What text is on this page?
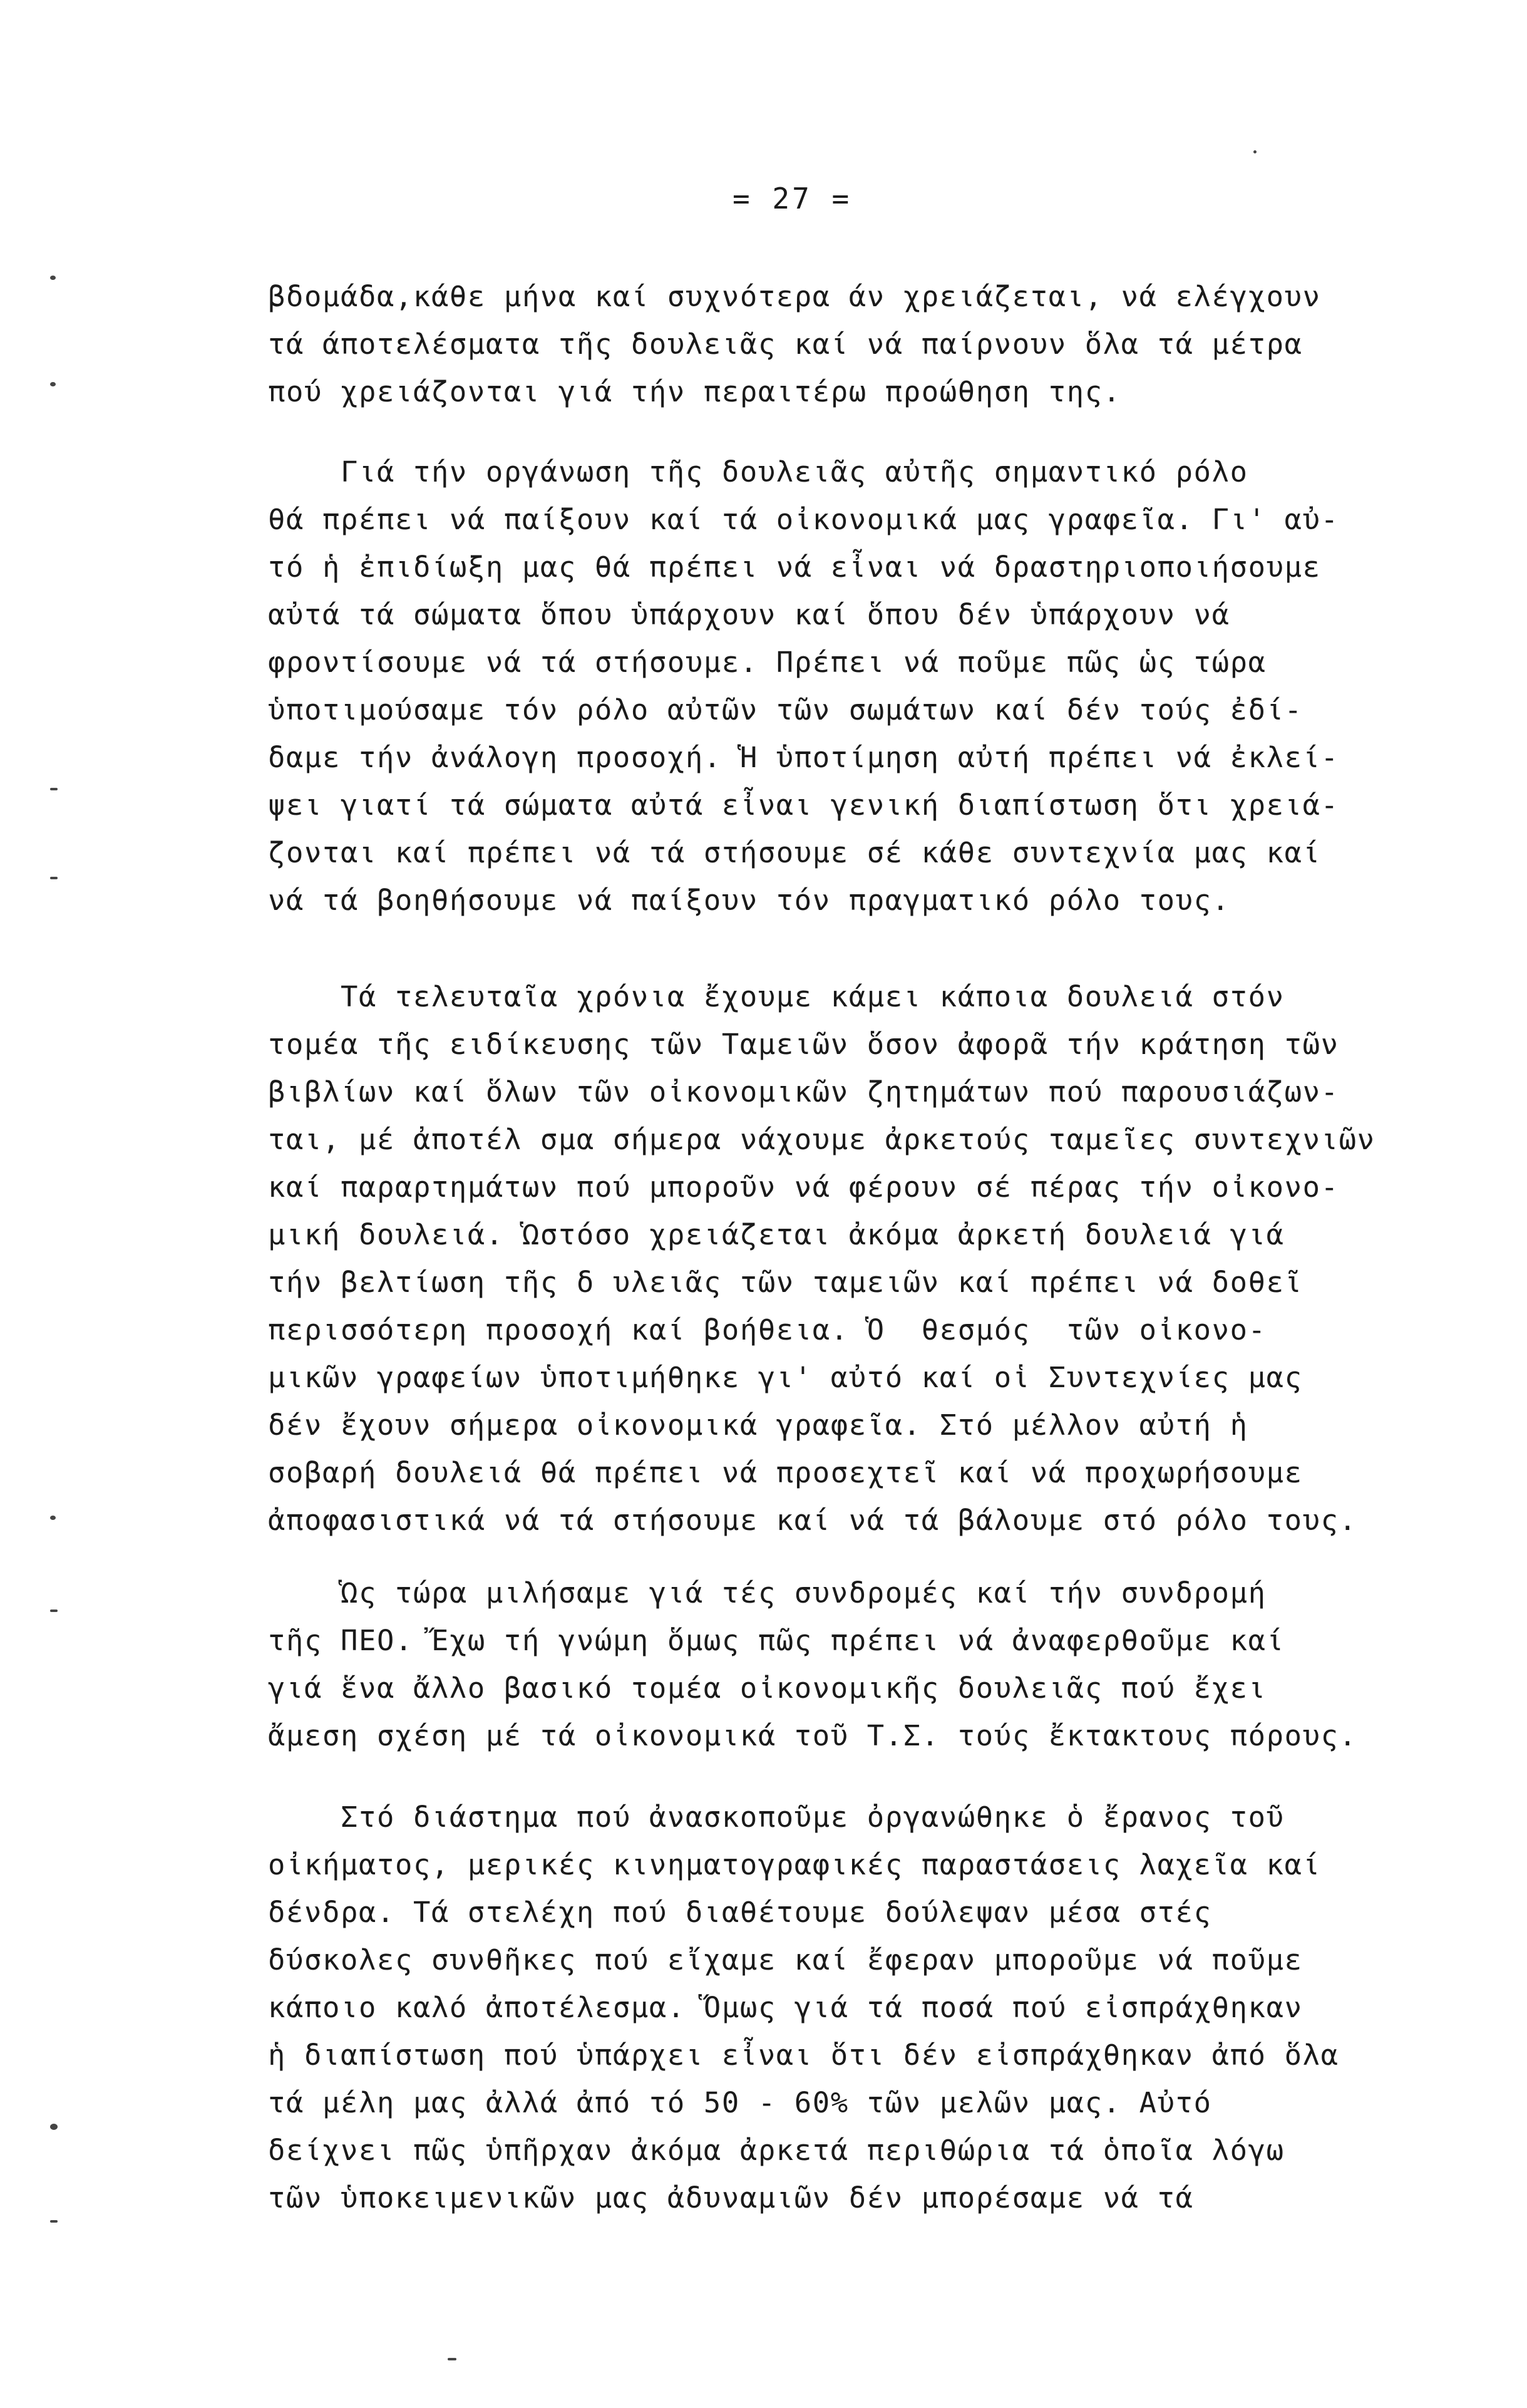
= 27 =
βδομάδα,κάθε μήνα καί συχνότερα άν χρειάζεται, νά ελέγχουν
τά άποτελέσματα τῆς δουλειᾶς καί νά παίρνουν ὅλα τά μέτρα
πού χρειάζονται γιά τήν περαιτέρω προώθηση της.
Γιά τήν οργάνωση τῆς δουλειᾶς αὐτῆς σημαντικό ρόλο
θά πρέπει νά παίξουν καί τά οἰκονομικά μας γραφεῖα. Γι' αὐ-
τό ἡ ἐπιδίωξη μας θά πρέπει νά εἶναι νά δραστηριοποιήσουμε
αὐτά τά σώματα ὅπου ὑπάρχουν καί ὅπου δέν ὑπάρχουν νά
φροντίσουμε νά τά στήσουμε. Πρέπει νά ποῦμε πῶς ὡς τώρα
ὑποτιμούσαμε τόν ρόλο αὐτῶν τῶν σωμάτων καί δέν τούς ἐδί-
δαμε τήν ἀνάλογη προσοχή. Ἡ ὑποτίμηση αὐτή πρέπει νά ἐκλεί-
ψει γιατί τά σώματα αὐτά εἶναι γενική διαπίστωση ὅτι χρειά-
ζονται καί πρέπει νά τά στήσουμε σέ κάθε συντεχνία μας καί
νά τά βοηθήσουμε νά παίξουν τόν πραγματικό ρόλο τους.
Τά τελευταῖα χρόνια ἔχουμε κάμει κάποια δουλειά στόν
τομέα τῆς ειδίκευσης τῶν Ταμειῶν ὅσον ἀφορᾶ τήν κράτηση τῶν
βιβλίων καί ὅλων τῶν οἰκονομικῶν ζητημάτων πού παρουσιάζων-
ται, μέ ἀποτέλ σμα σήμερα νάχουμε ἀρκετούς ταμεῖες συντεχνιῶν
καί παραρτημάτων πού μποροῦν νά φέρουν σέ πέρας τήν οἰκονο-
μική δουλειά. Ὡστόσο χρειάζεται ἀκόμα ἀρκετή δουλειά γιά
τήν βελτίωση τῆς δ υλειᾶς τῶν ταμειῶν καί πρέπει νά δοθεῖ
περισσότερη προσοχή καί βοήθεια. Ὁ  θεσμός  τῶν οἰκονο-
μικῶν γραφείων ὑποτιμήθηκε γι' αὐτό καί οἱ Συντεχνίες μας
δέν ἔχουν σήμερα οἰκονομικά γραφεῖα. Στό μέλλον αὐτή ἡ
σοβαρή δουλειά θά πρέπει νά προσεχτεῖ καί νά προχωρήσουμε
ἀποφασιστικά νά τά στήσουμε καί νά τά βάλουμε στό ρόλο τους.
Ὡς τώρα μιλήσαμε γιά τές συνδρομές καί τήν συνδρομή
τῆς ΠΕΟ. Ἔχω τή γνώμη ὅμως πῶς πρέπει νά ἀναφερθοῦμε καί
γιά ἕνα ἄλλο βασικό τομέα οἰκονομικῆς δουλειᾶς πού ἔχει
ἄμεση σχέση μέ τά οἰκονομικά τοῦ Τ.Σ. τούς ἔκτακτους πόρους.
Στό διάστημα πού ἀνασκοποῦμε ὀργανώθηκε ὁ ἔρανος τοῦ
οἰκήματος, μερικές κινηματογραφικές παραστάσεις λαχεῖα καί
δένδρα. Τά στελέχη πού διαθέτουμε δούλεψαν μέσα στές
δύσκολες συνθῆκες πού εἴχαμε καί ἔφεραν μποροῦμε νά ποῦμε
κάποιο καλό ἀποτέλεσμα. Ὅμως γιά τά ποσά πού εἰσπράχθηκαν
ἡ διαπίστωση πού ὑπάρχει εἶναι ὅτι δέν εἰσπράχθηκαν ἀπό ὅλα
τά μέλη μας ἀλλά ἀπό τό 50 - 60% τῶν μελῶν μας. Αὐτό
δείχνει πῶς ὑπῆρχαν ἀκόμα ἀρκετά περιθώρια τά ὁποῖα λόγω
τῶν ὑποκειμενικῶν μας ἀδυναμιῶν δέν μπορέσαμε νά τά
